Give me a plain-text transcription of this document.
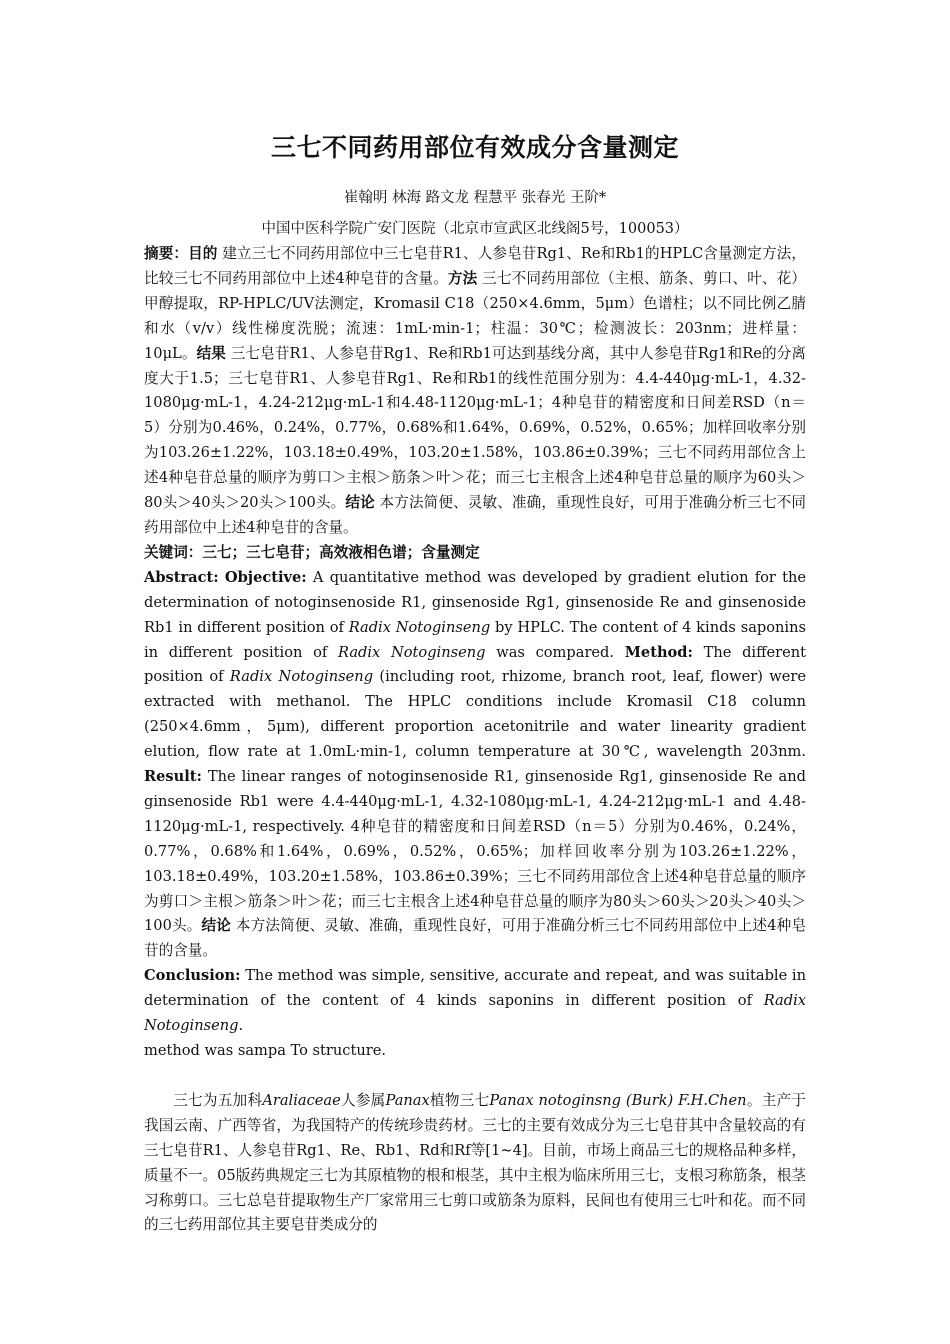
三七不同药用部位有效成分含量测定
崔翰明 林海 路文龙 程慧平 张春光 王阶*
中国中医科学院广安门医院（北京市宣武区北线阁5号，100053）

摘要：目的 建立三七不同药用部位中三七皂苷R1、人参皂苷Rg1、Re和Rb1的HPLC含量测定方法，比较三七不同药用部位中上述4种皂苷的含量。方法 三七不同药用部位（主根、筋条、剪口、叶、花）甲醇提取，RP-HPLC/UV法测定，Kromasil C18（250×4.6mm，5μm）色谱柱；以不同比例乙腈和水（v/v）线性梯度洗脱；流速：1mL·min-1；柱温：30℃；检测波长：203nm；进样量：10μL。结果 三七皂苷R1、人参皂苷Rg1、Re和Rb1可达到基线分离，其中人参皂苷Rg1和Re的分离度大于1.5；三七皂苷R1、人参皂苷Rg1、Re和Rb1的线性范围分别为：4.4-440μg·mL-1，4.32-1080μg·mL-1，4.24-212μg·mL-1和4.48-1120μg·mL-1；4种皂苷的精密度和日间差RSD（n＝5）分别为0.46%，0.24%，0.77%，0.68%和1.64%，0.69%，0.52%，0.65%；加样回收率分别为103.26±1.22%，103.18±0.49%，103.20±1.58%，103.86±0.39%；三七不同药用部位含上述4种皂苷总量的顺序为剪口＞主根＞筋条＞叶＞花；而三七主根含上述4种皂苷总量的顺序为60头＞80头＞40头＞20头＞100头。结论 本方法简便、灵敏、准确，重现性良好，可用于准确分析三七不同药用部位中上述4种皂苷的含量。

关键词：三七；三七皂苷；高效液相色谱；含量测定

Abstract: Objective: A quantitative method was developed by gradient elution for the determination of notoginsenoside R1, ginsenoside Rg1, ginsenoside Re and ginsenoside Rb1 in different position of Radix Notoginseng by HPLC. The content of 4 kinds saponins in different position of Radix Notoginseng was compared. Method: The different position of Radix Notoginseng (including root, rhizome, branch root, leaf, flower) were extracted with methanol. The HPLC conditions include Kromasil C18 column (250×4.6mm，5μm), different proportion acetonitrile and water linearity gradient elution, flow rate at 1.0mL·min-1, column temperature at 30℃, wavelength 203nm. Result: The linear ranges of notoginsenoside R1, ginsenoside Rg1, ginsenoside Re and ginsenoside Rb1 were 4.4-440μg·mL-1, 4.32-1080μg·mL-1, 4.24-212μg·mL-1 and 4.48-1120μg·mL-1, respectively. 4种皂苷的精密度和日间差RSD（n＝5）分别为0.46%，0.24%，0.77%，0.68%和1.64%，0.69%，0.52%，0.65%；加样回收率分别为103.26±1.22%，103.18±0.49%，103.20±1.58%，103.86±0.39%；三七不同药用部位含上述4种皂苷总量的顺序为剪口＞主根＞筋条＞叶＞花；而三七主根含上述4种皂苷总量的顺序为80头＞60头＞20头＞40头＞100头。结论 本方法简便、灵敏、准确，重现性良好，可用于准确分析三七不同药用部位中上述4种皂苷的含量。

Conclusion: The method was simple, sensitive, accurate and repeat, and was suitable in determination of the content of 4 kinds saponins in different position of Radix Notoginseng.

method was sampa To structure.

三七为五加科Araliaceae人参属Panax植物三七Panax notoginsng (Burk) F.H.Chen。主产于我国云南、广西等省，为我国特产的传统珍贵药材。三七的主要有效成分为三七皂苷其中含量较高的有三七皂苷R1、人参皂苷Rg1、Re、Rb1、Rd和Rf等[1~4]。目前，市场上商品三七的规格品种多样，质量不一。05版药典规定三七为其原植物的根和根茎，其中主根为临床所用三七，支根习称筋条，根茎习称剪口。三七总皂苷提取物生产厂家常用三七剪口或筋条为原料，民间也有使用三七叶和花。而不同的三七药用部位其主要皂苷类成分的
